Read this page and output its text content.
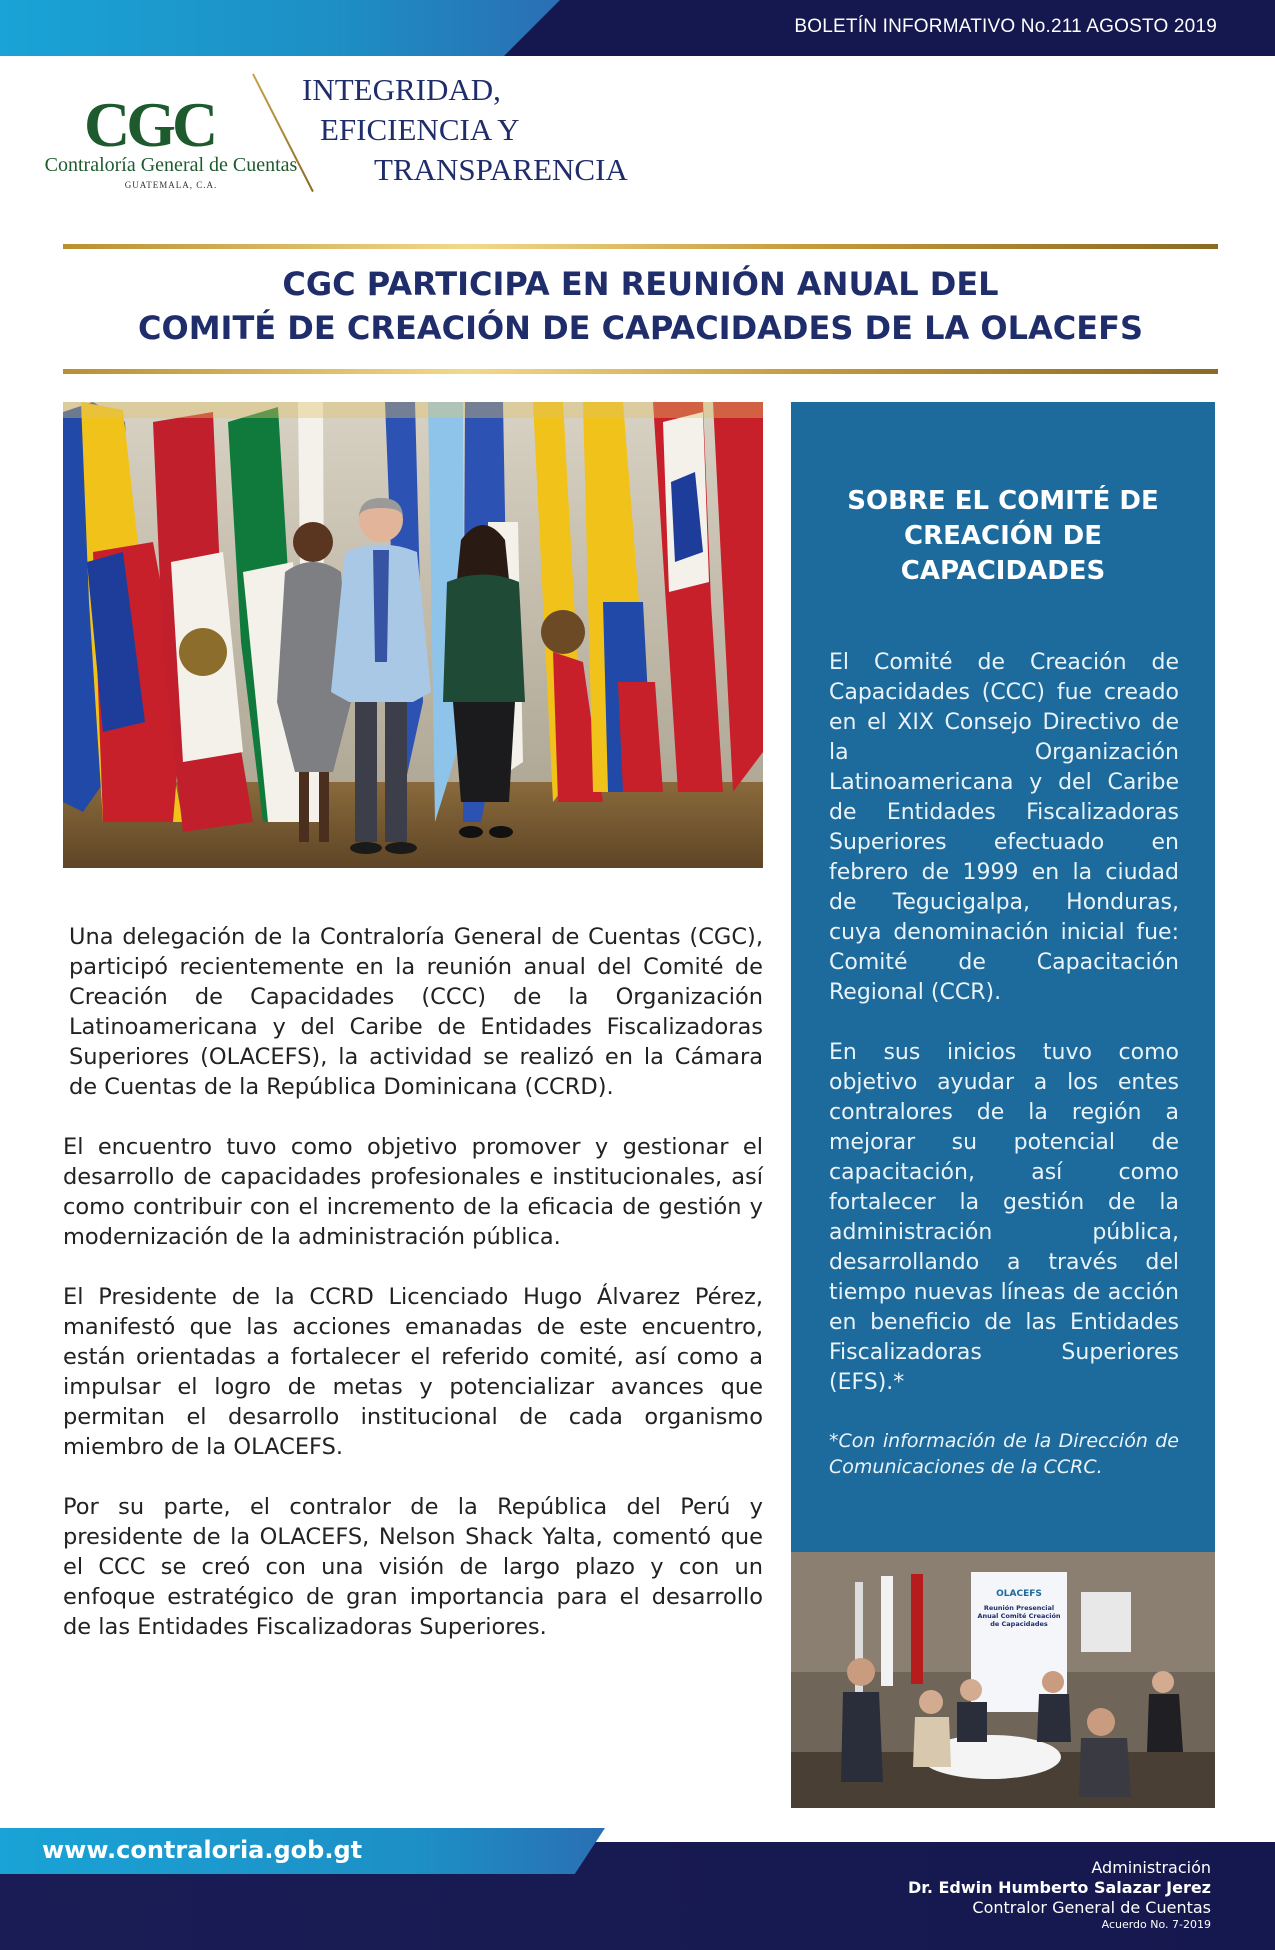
BOLETÍN INFORMATIVO No.211 AGOSTO 2019
CGC
Contraloría General de Cuentas
GUATEMALA, C.A.
INTEGRIDAD,
EFICIENCIA Y
TRANSPARENCIA
CGC PARTICIPA EN REUNIÓN ANUAL DEL
COMITÉ DE CREACIÓN DE CAPACIDADES DE LA OLACEFS

Una delegación de la Contraloría General de Cuentas (CGC), participó recientemente en la reunión anual del Comité de Creación de Capacidades (CCC) de la Organización Latinoamericana y del Caribe de Entidades Fiscalizadoras Superiores (OLACEFS), la actividad se realizó en la Cámara de Cuentas de la República Dominicana (CCRD).

El encuentro tuvo como objetivo promover y gestionar el desarrollo de capacidades profesionales e institucionales, así como contribuir con el incremento de la eficacia de gestión y modernización de la administración pública.

El Presidente de la CCRD Licenciado Hugo Álvarez Pérez, manifestó que las acciones emanadas de este encuentro, están orientadas a fortalecer el referido comité, así como a impulsar el logro de metas y potencializar avances que permitan el desarrollo institucional de cada organismo miembro de la OLACEFS.

Por su parte, el contralor de la República del Perú y presidente de la OLACEFS, Nelson Shack Yalta, comentó que el CCC se creó con una visión de largo plazo y con un enfoque estratégico de gran importancia para el desarrollo de las Entidades Fiscalizadoras Superiores.

SOBRE EL COMITÉ DE CREACIÓN DE CAPACIDADES

El Comité de Creación de Capacidades (CCC) fue creado en el XIX Consejo Directivo de la Organización Latinoamericana y del Caribe de Entidades Fiscalizadoras Superiores efectuado en febrero de 1999 en la ciudad de Tegucigalpa, Honduras, cuya denominación inicial fue: Comité de Capacitación Regional (CCR).

En sus inicios tuvo como objetivo ayudar a los entes contralores de la región a mejorar su potencial de capacitación, así como fortalecer la gestión de la administración pública, desarrollando a través del tiempo nuevas líneas de acción en beneficio de las Entidades Fiscalizadoras Superiores (EFS).*

*Con información de la Dirección de Comunicaciones de la CCRC.

OLACEFS
Reunión Presencial Anual Comité Creación de Capacidades
www.contraloria.gob.gt
Administración
Dr. Edwin Humberto Salazar Jerez
Contralor General de Cuentas
Acuerdo No. 7-2019
